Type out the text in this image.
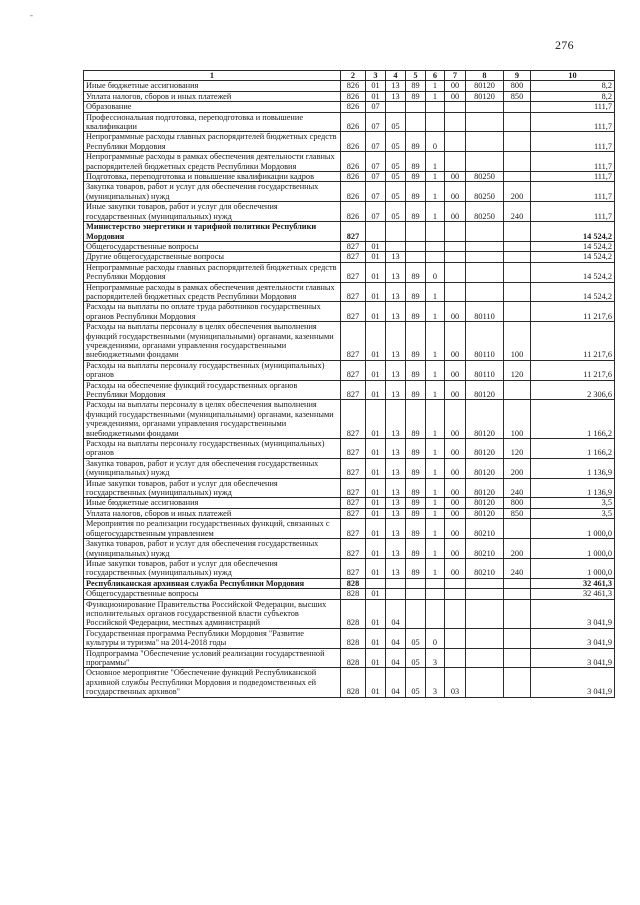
-
276
1	2	3	4	5	6	7	8	9	10
Иные бюджетные ассигнования	826	01	13	89	1	00	80120	800	8,2
Уплата налогов, сборов и иных платежей	826	01	13	89	1	00	80120	850	8,2
Образование	826	07							111,7
Профессиональная подготовка, переподготовка и повышение квалификации	826	07	05						111,7
Непрограммные расходы главных распорядителей бюджетных средств Республики Мордовия	826	07	05	89	0				111,7
Непрограммные расходы в рамках обеспечения деятельности главных распорядителей бюджетных средств Республики Мордовия	826	07	05	89	1				111,7
Подготовка, переподготовка и повышение квалификации кадров	826	07	05	89	1	00	80250		111,7
Закупка товаров, работ и услуг для обеспечения государственных (муниципальных) нужд	826	07	05	89	1	00	80250	200	111,7
Иные закупки товаров, работ и услуг для обеспечения государственных (муниципальных) нужд	826	07	05	89	1	00	80250	240	111,7
Министерство энергетики и тарифной политики Республики Мордовия	827								14 524,2
Общегосударственные вопросы	827	01							14 524,2
Другие общегосударственные вопросы	827	01	13						14 524,2
Непрограммные расходы главных распорядителей бюджетных средств Республики Мордовия	827	01	13	89	0				14 524,2
Непрограммные расходы в рамках обеспечения деятельности главных распорядителей бюджетных средств Республики Мордовия	827	01	13	89	1				14 524,2
Расходы на выплаты по оплате труда работников государственных органов Республики Мордовия	827	01	13	89	1	00	80110		11 217,6
Расходы на выплаты персоналу в целях обеспечения выполнения функций государственными (муниципальными) органами, казенными учреждениями, органами управления государственными внебюджетными фондами	827	01	13	89	1	00	80110	100	11 217,6
Расходы на выплаты персоналу государственных (муниципальных) органов	827	01	13	89	1	00	80110	120	11 217,6
Расходы на обеспечение функций государственных органов Республики Мордовия	827	01	13	89	1	00	80120		2 306,6
Расходы на выплаты персоналу в целях обеспечения выполнения функций государственными (муниципальными) органами, казенными учреждениями, органами управления государственными внебюджетными фондами	827	01	13	89	1	00	80120	100	1 166,2
Расходы на выплаты персоналу государственных (муниципальных) органов	827	01	13	89	1	00	80120	120	1 166,2
Закупка товаров, работ и услуг для обеспечения государственных (муниципальных) нужд	827	01	13	89	1	00	80120	200	1 136,9
Иные закупки товаров, работ и услуг для обеспечения государственных (муниципальных) нужд	827	01	13	89	1	00	80120	240	1 136,9
Иные бюджетные ассигнования	827	01	13	89	1	00	80120	800	3,5
Уплата налогов, сборов и иных платежей	827	01	13	89	1	00	80120	850	3,5
Мероприятия по реализации государственных функций, связанных с общегосударственным управлением	827	01	13	89	1	00	80210		1 000,0
Закупка товаров, работ и услуг для обеспечения государственных (муниципальных) нужд	827	01	13	89	1	00	80210	200	1 000,0
Иные закупки товаров, работ и услуг для обеспечения государственных (муниципальных) нужд	827	01	13	89	1	00	80210	240	1 000,0
Республиканская архивная служба Республики Мордовия	828								32 461,3
Общегосударственные вопросы	828	01							32 461,3
Функционирование Правительства Российской Федерации, высших исполнительных органов государственной власти субъектов Российской Федерации, местных администраций	828	01	04						3 041,9
Государственная программа Республики Мордовия "Развитие культуры и туризма" на 2014-2018 годы	828	01	04	05	0				3 041,9
Подпрограмма "Обеспечение условий реализации государственной программы"	828	01	04	05	3				3 041,9
Основное мероприятие "Обеспечение функций Республиканской архивной службы Республики Мордовия и подведомственных ей государственных архивов"	828	01	04	05	3	03			3 041,9
